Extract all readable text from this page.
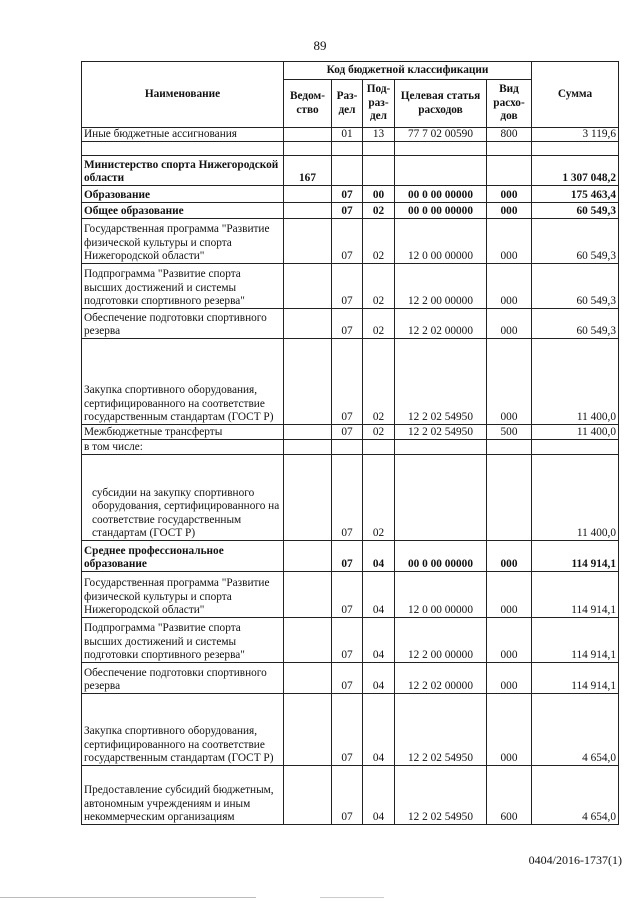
89
Наименование	Код бюджетной классификации					Сумма
	Ведом-ство	Раз-дел	Под-раз-дел	Целевая статья расходов	Вид расхо-дов	
Иные бюджетные ассигнования		01	13	77 7 02 00590	800	3 119,6

Министерство спорта Нижегородской области	167					1 307 048,2
Образование		07	00	00 0 00 00000	000	175 463,4
Общее образование		07	02	00 0 00 00000	000	60 549,3
Государственная программа "Развитие физической культуры и спорта Нижегородской области"		07	02	12 0 00 00000	000	60 549,3
Подпрограмма "Развитие спорта высших достижений и системы подготовки спортивного резерва"		07	02	12 2 00 00000	000	60 549,3
Обеспечение подготовки спортивного резерва		07	02	12 2 02 00000	000	60 549,3
Закупка спортивного оборудования, сертифицированного на соответствие государственным стандартам (ГОСТ Р)		07	02	12 2 02 54950	000	11 400,0
Межбюджетные трансферты		07	02	12 2 02 54950	500	11 400,0
в том числе:						
субсидии на закупку спортивного оборудования, сертифицированного на соответствие государственным стандартам (ГОСТ Р)		07	02			11 400,0
Среднее профессиональное образование		07	04	00 0 00 00000	000	114 914,1
Государственная программа "Развитие физической культуры и спорта Нижегородской области"		07	04	12 0 00 00000	000	114 914,1
Подпрограмма "Развитие спорта высших достижений и системы подготовки спортивного резерва"		07	04	12 2 00 00000	000	114 914,1
Обеспечение подготовки спортивного резерва		07	04	12 2 02 00000	000	114 914,1
Закупка спортивного оборудования, сертифицированного на соответствие государственным стандартам (ГОСТ Р)		07	04	12 2 02 54950	000	4 654,0
Предоставление субсидий бюджетным, автономным учреждениям и иным некоммерческим организациям		07	04	12 2 02 54950	600	4 654,0
0404/2016-1737(1)
